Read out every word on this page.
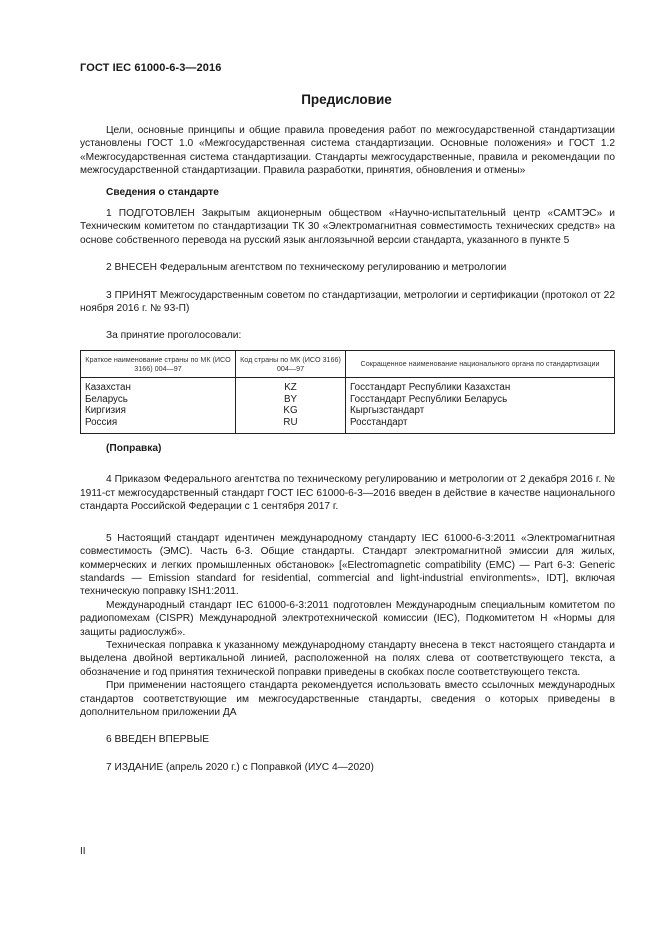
ГОСТ IEC 61000-6-3—2016
Предисловие

Цели, основные принципы и общие правила проведения работ по межгосударственной стандартизации установлены ГОСТ 1.0 «Межгосударственная система стандартизации. Основные положения» и ГОСТ 1.2 «Межгосударственная система стандартизации. Стандарты межгосударственные, правила и рекомендации по межгосударственной стандартизации. Правила разработки, принятия, обновления и отмены»

Сведения о стандарте

1 ПОДГОТОВЛЕН Закрытым акционерным обществом «Научно-испытательный центр «САМТЭС» и Техническим комитетом по стандартизации ТК 30 «Электромагнитная совместимость технических средств» на основе собственного перевода на русский язык англоязычной версии стандарта, указанного в пункте 5

2 ВНЕСЕН Федеральным агентством по техническому регулированию и метрологии

3 ПРИНЯТ Межгосударственным советом по стандартизации, метрологии и сертификации (протокол от 22 ноября 2016 г. № 93-П)

За принятие проголосовали:

Краткое наименование страны по МК (ИСО 3166) 004—97	Код страны по МК (ИСО 3166) 004—97	Сокращенное наименование национального органа по стандартизации
Казахстан	KZ	Госстандарт Республики Казахстан
Беларусь	BY	Госстандарт Республики Беларусь
Киргизия	KG	Кыргызстандарт
Россия	RU	Росстандарт

(Поправка)

4 Приказом Федерального агентства по техническому регулированию и метрологии от 2 декабря 2016 г. № 1911-ст межгосударственный стандарт ГОСТ IEC 61000-6-3—2016 введен в действие в качестве национального стандарта Российской Федерации с 1 сентября 2017 г.

5 Настоящий стандарт идентичен международному стандарту IEC 61000-6-3:2011 «Электромагнитная совместимость (ЭМС). Часть 6-3. Общие стандарты. Стандарт электромагнитной эмиссии для жилых, коммерческих и легких промышленных обстановок» [«Electromagnetic compatibility (EMC) — Part 6-3: Generic standards — Emission standard for residential, commercial and light-industrial environments», IDT], включая техническую поправку ISH1:2011.

Международный стандарт IEC 61000-6-3:2011 подготовлен Международным специальным комитетом по радиопомехам (CISPR) Международной электротехнической комиссии (IEC), Подкомитетом Н «Нормы для защиты радиослужб».

Техническая поправка к указанному международному стандарту внесена в текст настоящего стандарта и выделена двойной вертикальной линией, расположенной на полях слева от соответствующего текста, а обозначение и год принятия технической поправки приведены в скобках после соответствующего текста.

При применении настоящего стандарта рекомендуется использовать вместо ссылочных международных стандартов соответствующие им межгосударственные стандарты, сведения о которых приведены в дополнительном приложении ДА

6 ВВЕДЕН ВПЕРВЫЕ

7 ИЗДАНИЕ (апрель 2020 г.) с Поправкой (ИУС 4—2020)

II
